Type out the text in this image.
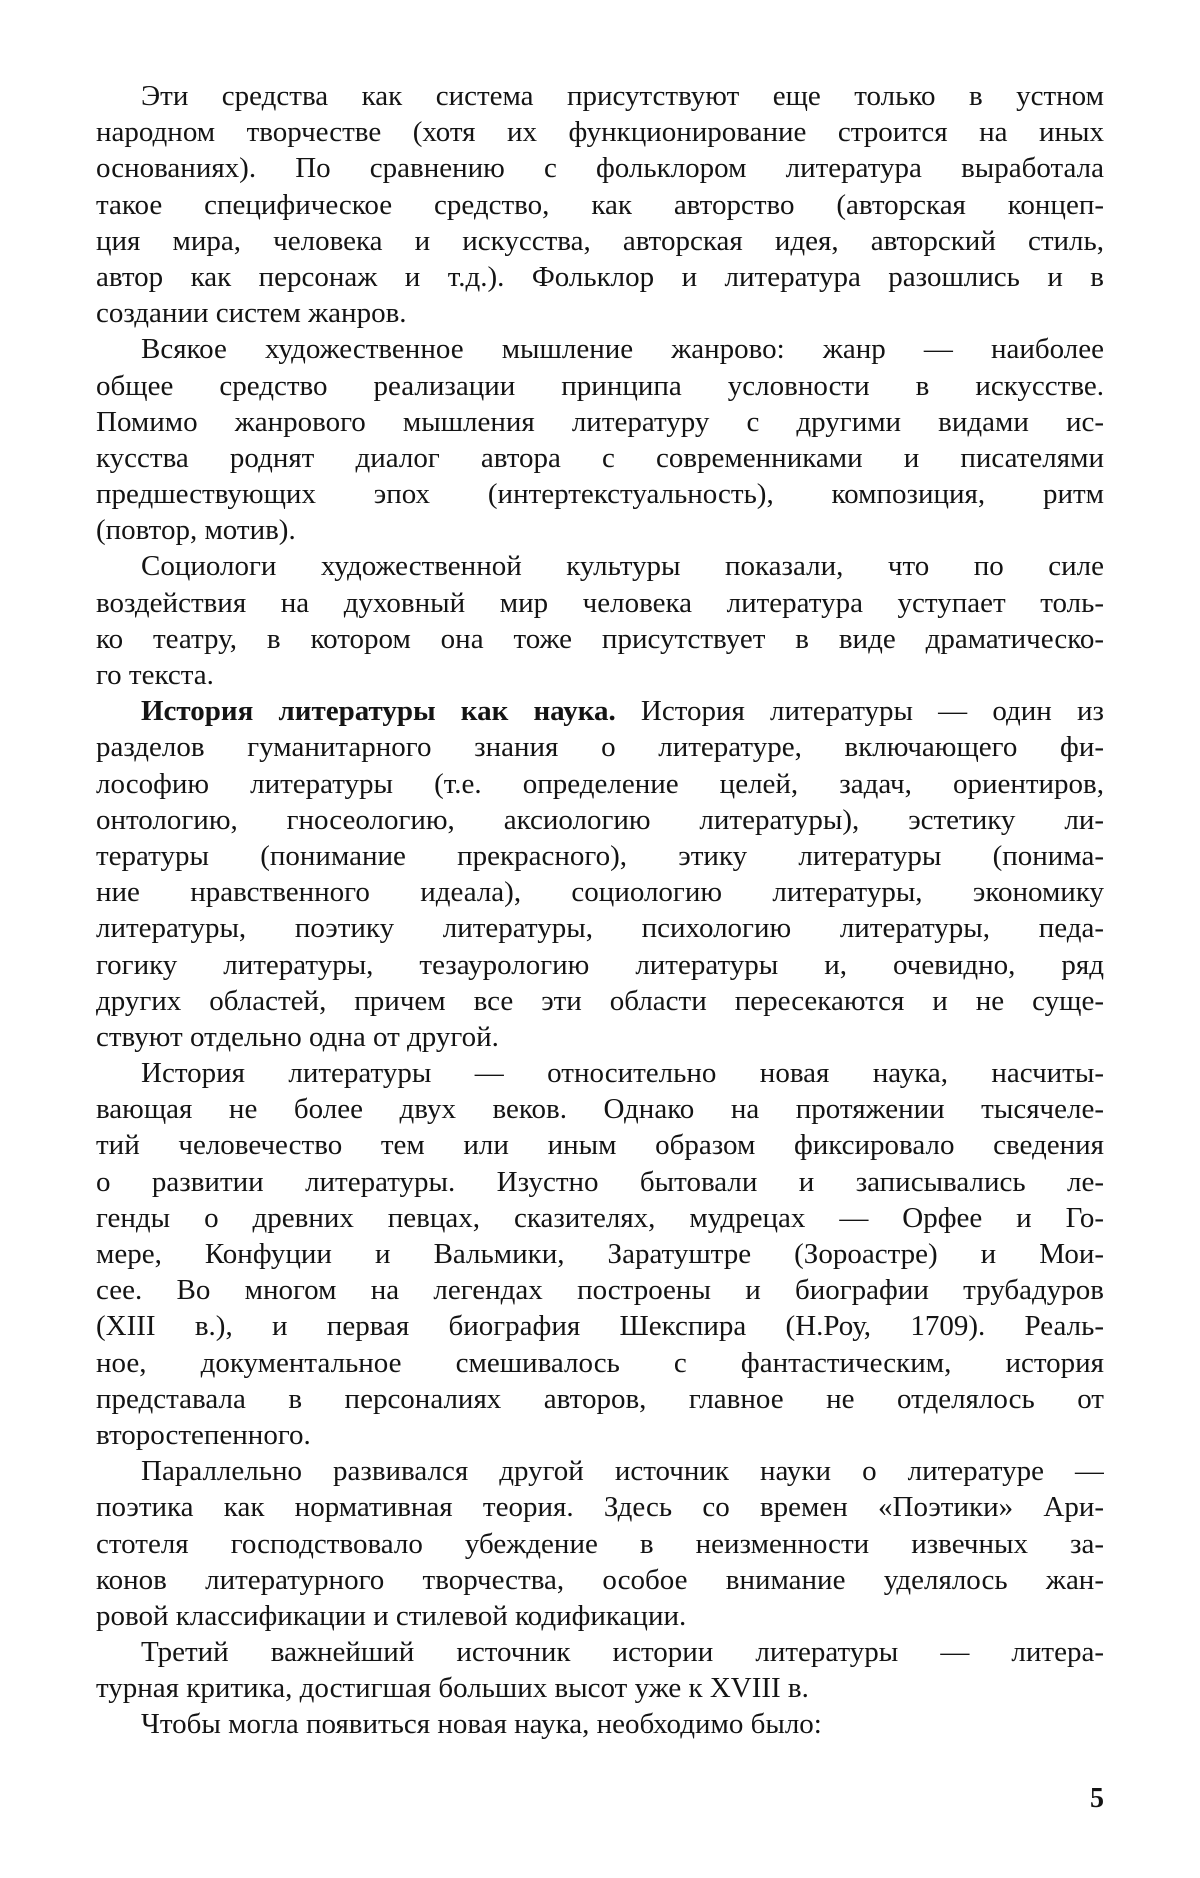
Эти средства как система присутствуют еще только в устном
народном творчестве (хотя их функционирование строится на иных
основаниях). По сравнению с фольклором литература выработала
такое специфическое средство, как авторство (авторская концеп-
ция мира, человека и искусства, авторская идея, авторский стиль,
автор как персонаж и т.д.). Фольклор и литература разошлись и в
создании систем жанров.
Всякое художественное мышление жанрово: жанр — наиболее
общее средство реализации принципа условности в искусстве.
Помимо жанрового мышления литературу с другими видами ис-
кусства роднят диалог автора с современниками и писателями
предшествующих эпох (интертекстуальность), композиция, ритм
(повтор, мотив).
Социологи художественной культуры показали, что по силе
воздействия на духовный мир человека литература уступает толь-
ко театру, в котором она тоже присутствует в виде драматическо-
го текста.
История литературы как наука. История литературы — один из
разделов гуманитарного знания о литературе, включающего фи-
лософию литературы (т.е. определение целей, задач, ориентиров,
онтологию, гносеологию, аксиологию литературы), эстетику ли-
тературы (понимание прекрасного), этику литературы (понима-
ние нравственного идеала), социологию литературы, экономику
литературы, поэтику литературы, психологию литературы, педа-
гогику литературы, тезаурологию литературы и, очевидно, ряд
других областей, причем все эти области пересекаются и не суще-
ствуют отдельно одна от другой.
История литературы — относительно новая наука, насчиты-
вающая не более двух веков. Однако на протяжении тысячеле-
тий человечество тем или иным образом фиксировало сведения
о развитии литературы. Изустно бытовали и записывались ле-
генды о древних певцах, сказителях, мудрецах — Орфее и Го-
мере, Конфуции и Вальмики, Заратуштре (Зороастре) и Мои-
сее. Во многом на легендах построены и биографии трубадуров
(XIII в.), и первая биография Шекспира (Н.Роу, 1709). Реаль-
ное, документальное смешивалось с фантастическим, история
представала в персоналиях авторов, главное не отделялось от
второстепенного.
Параллельно развивался другой источник науки о литературе —
поэтика как нормативная теория. Здесь со времен «Поэтики» Ари-
стотеля господствовало убеждение в неизменности извечных за-
конов литературного творчества, особое внимание уделялось жан-
ровой классификации и стилевой кодификации.
Третий важнейший источник истории литературы — литера-
турная критика, достигшая больших высот уже к XVIII в.
Чтобы могла появиться новая наука, необходимо было:
5
